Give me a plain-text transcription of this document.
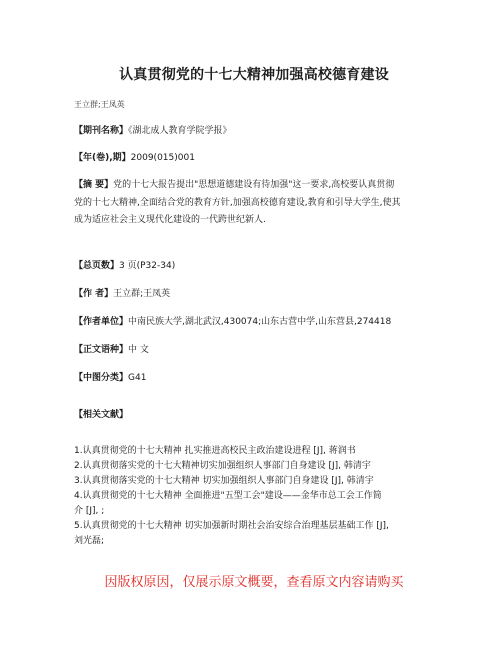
认真贯彻党的十七大精神加强高校德育建设
王立群;王凤英
【期刊名称】《湖北成人教育学院学报》
【年(卷),期】2009(015)001
【摘 要】党的十七大报告提出"思想道德建设有待加强"这一要求,高校要认真贯彻
党的十七大精神,全面结合党的教育方针,加强高校德育建设,教育和引导大学生,使其
成为适应社会主义现代化建设的一代跨世纪新人.
【总页数】3 页(P32-34)
【作 者】王立群;王凤英
【作者单位】中南民族大学,湖北武汉,430074;山东古营中学,山东营县,274418
【正文语种】中 文
【中图分类】G41
【相关文献】
1.认真贯彻党的十七大精神 扎实推进高校民主政治建设进程 [J], 蒋润书
2.认真贯彻落实党的十七大精神切实加强组织人事部门自身建设 [J], 韩清宇
3.认真贯彻落实党的十七大精神 切实加强组织人事部门自身建设 [J], 韩清宇
4.认真贯彻党的十七大精神 全面推进"五型工会"建设——金华市总工会工作简
介 [J], ;
5.认真贯彻党的十七大精神 切实加强新时期社会治安综合治理基层基础工作 [J],
刘光磊;
因版权原因，仅展示原文概要，查看原文内容请购买
